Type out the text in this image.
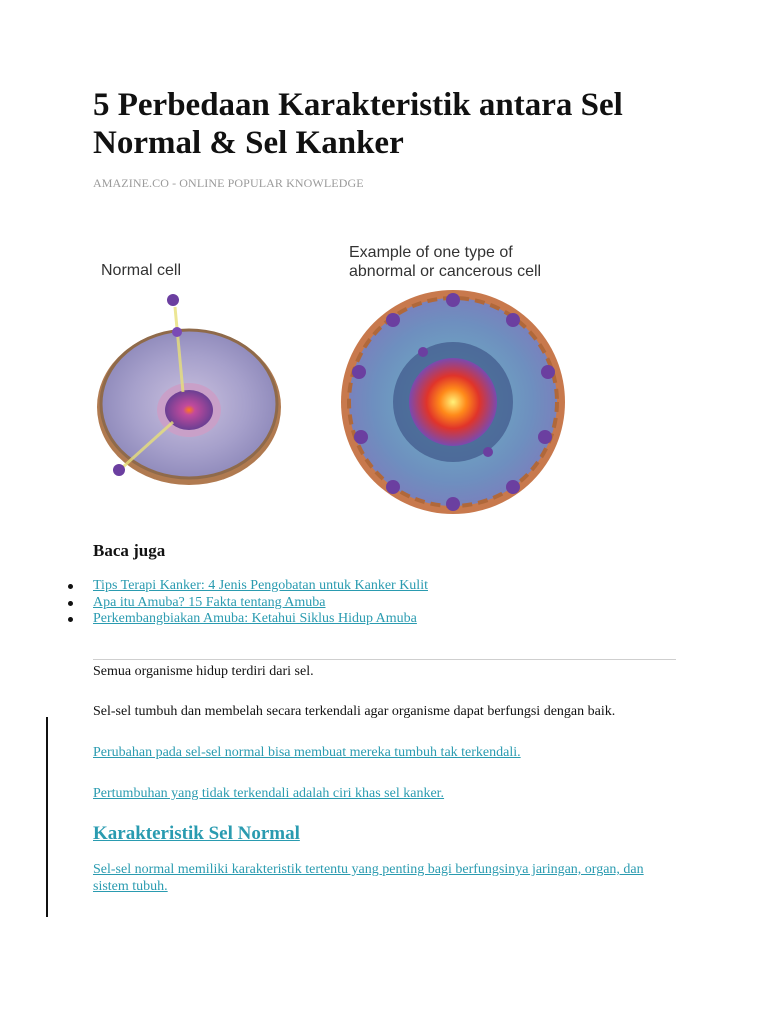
5 Perbedaan Karakteristik antara Sel Normal & Sel Kanker
AMAZINE.CO - ONLINE POPULAR KNOWLEDGE
Normal cell
Example of one type of
abnormal or cancerous cell
Baca juga
Tips Terapi Kanker: 4 Jenis Pengobatan untuk Kanker Kulit
Apa itu Amuba? 15 Fakta tentang Amuba
Perkembangbiakan Amuba: Ketahui Siklus Hidup Amuba
Semua organisme hidup terdiri dari sel.
Sel-sel tumbuh dan membelah secara terkendali agar organisme dapat berfungsi dengan baik.
Perubahan pada sel-sel normal bisa membuat mereka tumbuh tak terkendali.
Pertumbuhan yang tidak terkendali adalah ciri khas sel kanker.
Karakteristik Sel Normal
Sel-sel normal memiliki karakteristik tertentu yang penting bagi berfungsinya jaringan, organ, dan sistem tubuh.
